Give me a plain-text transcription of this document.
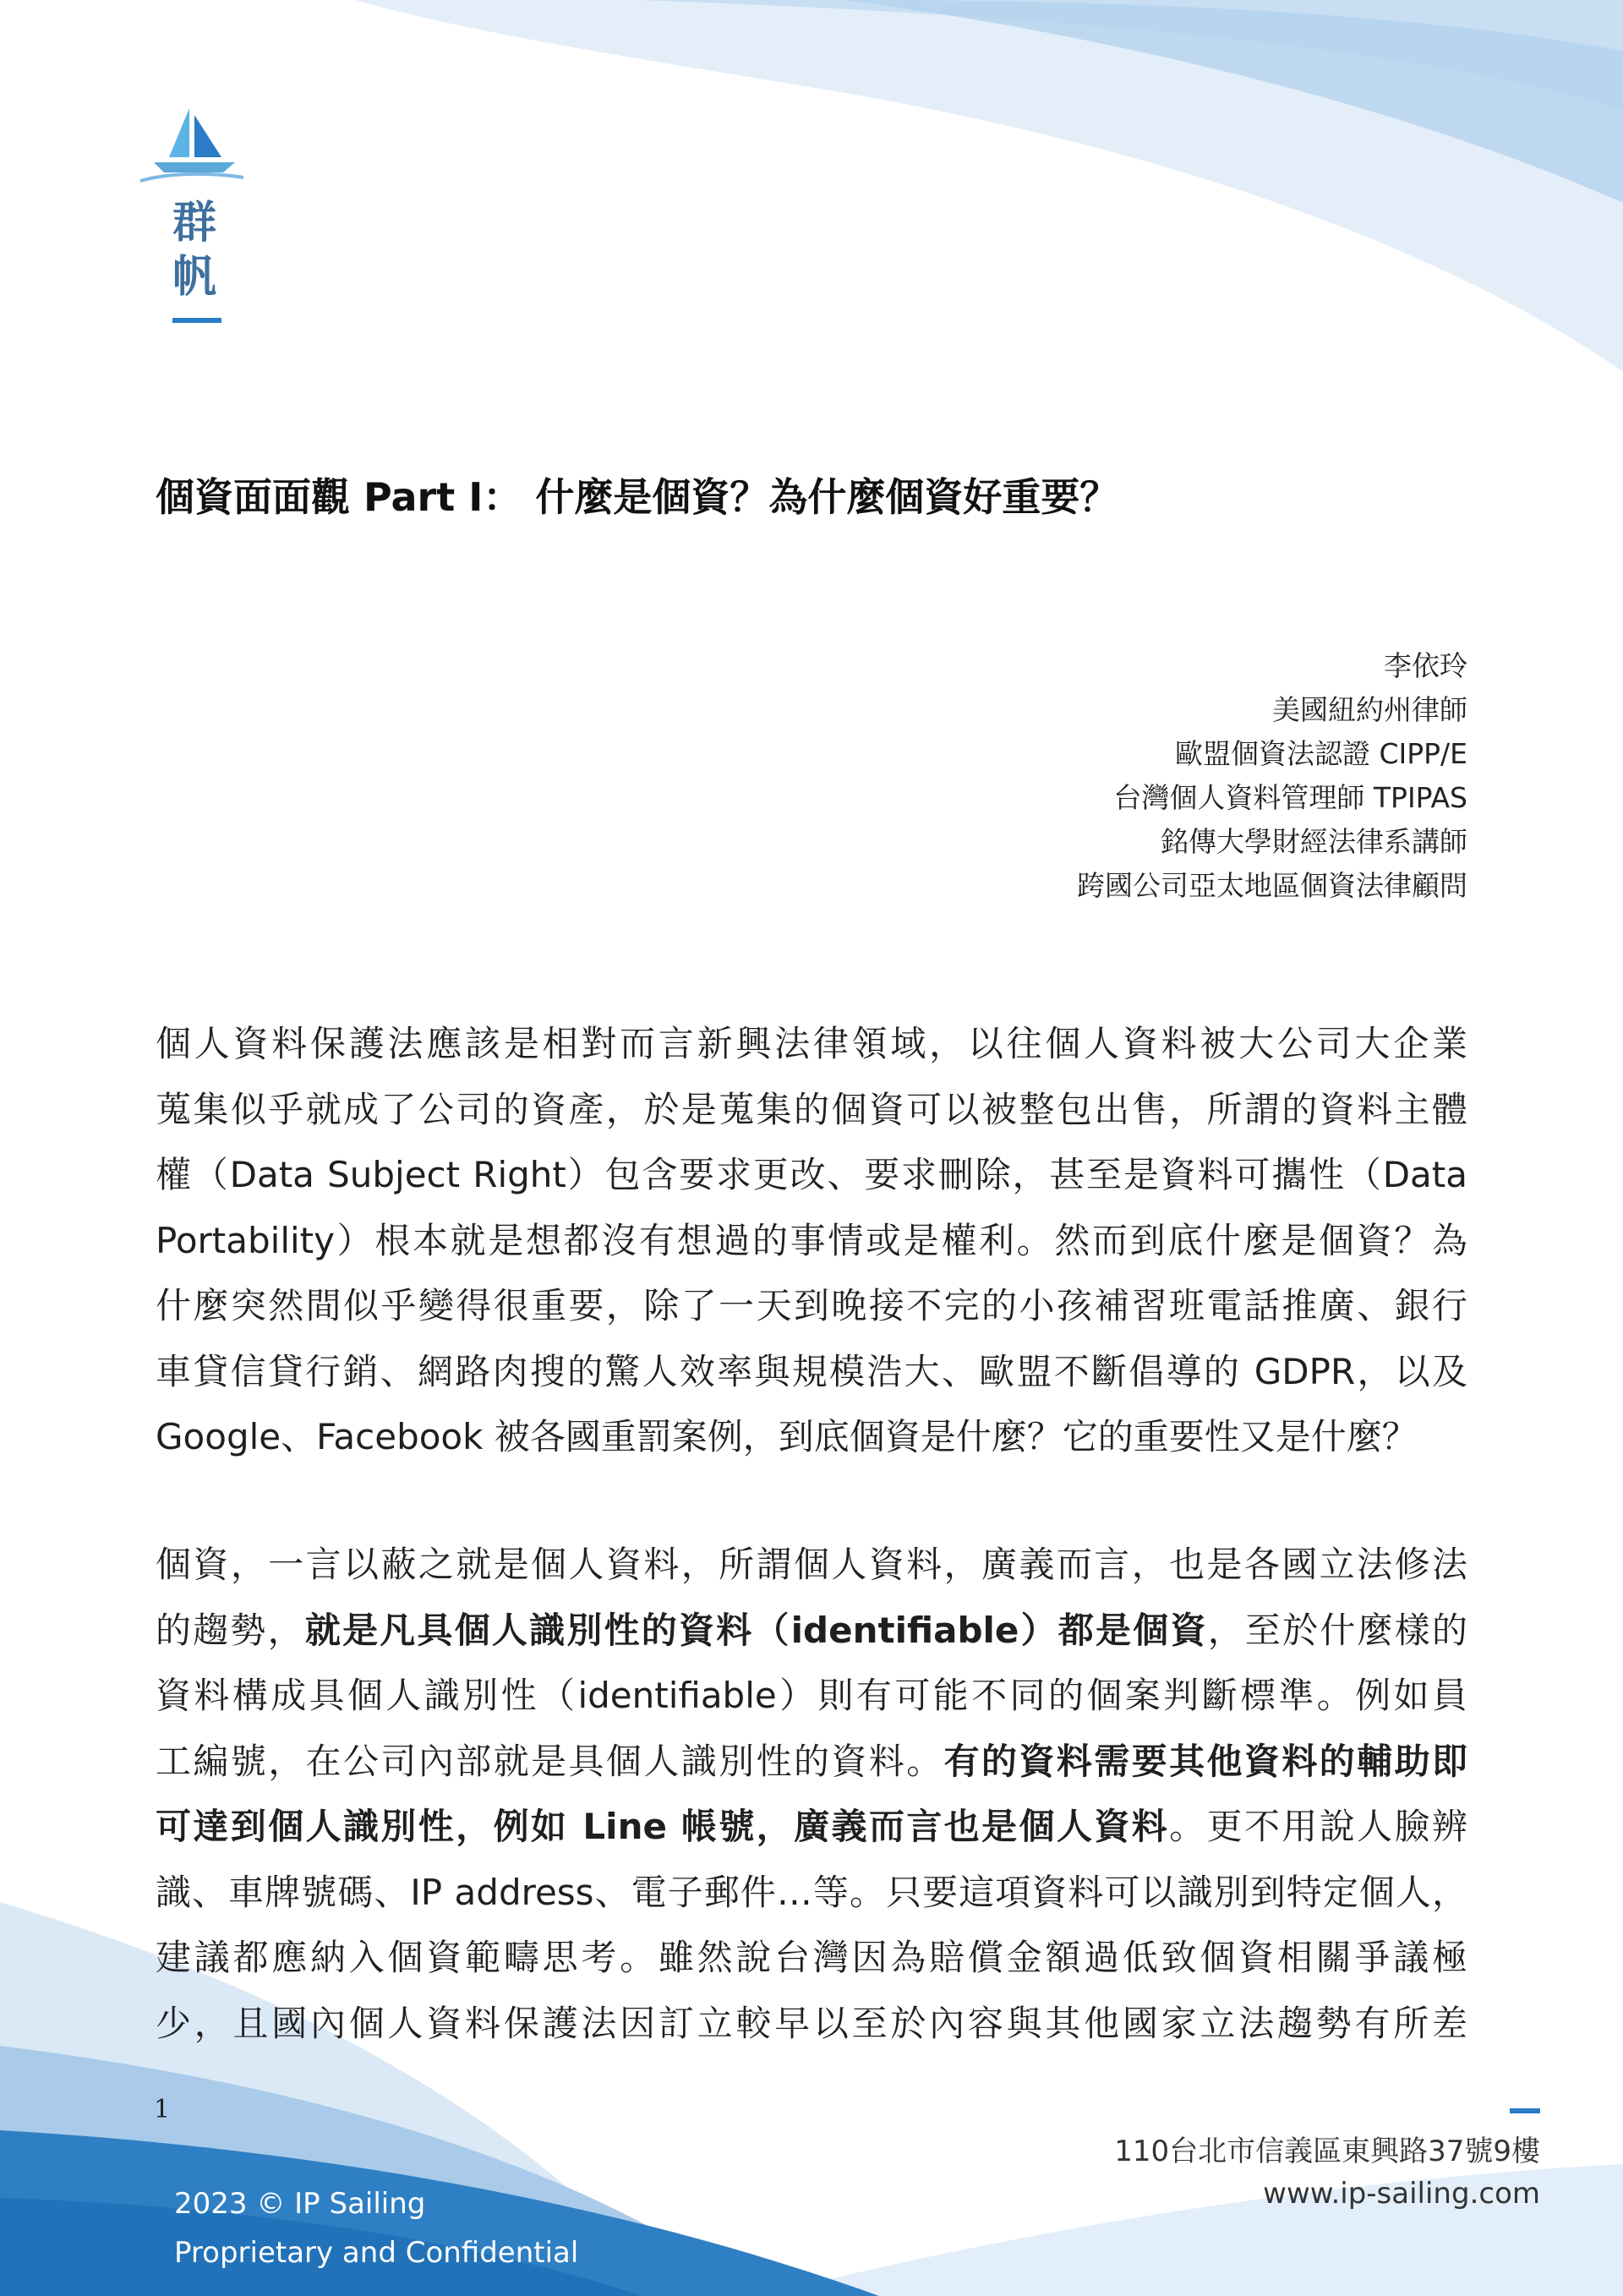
群帆
個資面面觀 Part I： 什麼是個資？為什麼個資好重要？
李依玲
美國紐約州律師
歐盟個資法認證 CIPP/E
台灣個人資料管理師 TPIPAS
銘傳大學財經法律系講師
跨國公司亞太地區個資法律顧問
個人資料保護法應該是相對而言新興法律領域，以往個人資料被大公司大企業
蒐集似乎就成了公司的資產，於是蒐集的個資可以被整包出售，所謂的資料主體
權（Data Subject Right）包含要求更改、要求刪除，甚至是資料可攜性（Data
Portability）根本就是想都沒有想過的事情或是權利。然而到底什麼是個資？為
什麼突然間似乎變得很重要，除了一天到晚接不完的小孩補習班電話推廣、銀行
車貸信貸行銷、網路肉搜的驚人效率與規模浩大、歐盟不斷倡導的 GDPR，以及
Google、Facebook 被各國重罰案例，到底個資是什麼？它的重要性又是什麼？
個資，一言以蔽之就是個人資料，所謂個人資料，廣義而言，也是各國立法修法
的趨勢，就是凡具個人識別性的資料（identifiable）都是個資，至於什麼樣的
資料構成具個人識別性（identifiable）則有可能不同的個案判斷標準。例如員
工編號，在公司內部就是具個人識別性的資料。有的資料需要其他資料的輔助即
可達到個人識別性，例如 Line 帳號，廣義而言也是個人資料。更不用說人臉辨
識、車牌號碼、IP address、電子郵件…等。只要這項資料可以識別到特定個人，
建議都應納入個資範疇思考。雖然說台灣因為賠償金額過低致個資相關爭議極
少，且國內個人資料保護法因訂立較早以至於內容與其他國家立法趨勢有所差
1
110台北市信義區東興路37號9樓
www.ip-sailing.com
2023 © IP Sailing
Proprietary and Confidential
